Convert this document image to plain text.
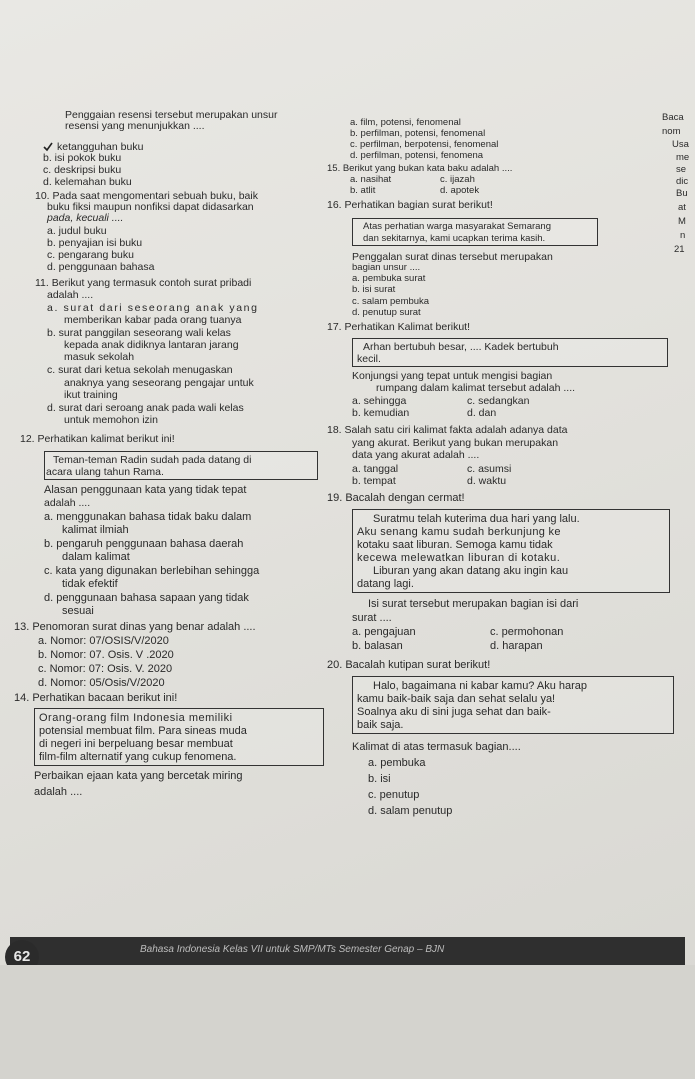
Penggaian resensi tersebut merupakan unsur
resensi yang menunjukkan ....
ketangguhan buku
b. isi pokok buku
c. deskripsi buku
d. kelemahan buku
10. Pada saat mengomentari sebuah buku, baik
buku fiksi maupun nonfiksi dapat didasarkan
pada, kecuali ....
a. judul buku
b. penyajian isi buku
c. pengarang buku
d. penggunaan bahasa
11. Berikut yang termasuk contoh surat pribadi
adalah ....
a. surat dari seseorang anak yang
memberikan kabar pada orang tuanya
b. surat panggilan seseorang wali kelas
kepada anak didiknya lantaran jarang
masuk sekolah
c. surat dari ketua sekolah menugaskan
anaknya yang seseorang pengajar untuk
ikut training
d. surat dari seroang anak pada wali kelas
untuk memohon izin
12. Perhatikan kalimat berikut ini!
Teman-teman Radin sudah pada datang di
acara ulang tahun Rama.
Alasan penggunaan kata yang tidak tepat
adalah ....
a. menggunakan bahasa tidak baku dalam
kalimat ilmiah
b. pengaruh penggunaan bahasa daerah
dalam kalimat
c. kata yang digunakan berlebihan sehingga
tidak efektif
d. penggunaan bahasa sapaan yang tidak
sesuai
13. Penomoran surat dinas yang benar adalah ....
a. Nomor: 07/OSIS/V/2020
b. Nomor: 07. Osis. V .2020
c. Nomor: 07: Osis. V. 2020
d. Nomor: 05/Osis/V/2020
14. Perhatikan bacaan berikut ini!
Orang-orang film Indonesia memiliki
potensial membuat film. Para sineas muda
di negeri ini berpeluang besar membuat
film-film alternatif yang cukup fenomena.
Perbaikan ejaan kata yang bercetak miring
adalah ....
a. film, potensi, fenomenal
b. perfilman, potensi, fenomenal
c. perfilman, berpotensi, fenomenal
d. perfilman, potensi, fenomena
15. Berikut yang bukan kata baku adalah ....
a. nasihat	c. ijazah
b. atlit	d. apotek
16. Perhatikan bagian surat berikut!
Atas perhatian warga masyarakat Semarang
dan sekitarnya, kami ucapkan terima kasih.
Penggalan surat dinas tersebut merupakan
bagian unsur ....
a. pembuka surat
b. isi surat
c. salam pembuka
d. penutup surat
17. Perhatikan Kalimat berikut!
Arhan bertubuh besar, .... Kadek bertubuh
kecil.
Konjungsi yang tepat untuk mengisi bagian
rumpang dalam kalimat tersebut adalah ....
a. sehingga	c. sedangkan
b. kemudian	d. dan
18. Salah satu ciri kalimat fakta adalah adanya data
yang akurat. Berikut yang bukan merupakan
data yang akurat adalah ....
a. tanggal	c. asumsi
b. tempat	d. waktu
19. Bacalah dengan cermat!
Suratmu telah kuterima dua hari yang lalu.
Aku senang kamu sudah berkunjung ke
kotaku saat liburan. Semoga kamu tidak
kecewa melewatkan liburan di kotaku.
Liburan yang akan datang aku ingin kau
datang lagi.
Isi surat tersebut merupakan bagian isi dari
surat ....
a. pengajuan	c. permohonan
b. balasan	d. harapan
20. Bacalah kutipan surat berikut!
Halo, bagaimana ni kabar kamu? Aku harap
kamu baik-baik saja dan sehat selalu ya!
Soalnya aku di sini juga sehat dan baik-
baik saja.
Kalimat di atas termasuk bagian....
a. pembuka
b. isi
c. penutup
d. salam penutup
Baca
nom
Usa
me
se
dic
Bu
at
M
n
21
62	Bahasa Indonesia Kelas VII untuk SMP/MTs Semester Genap – BJN
